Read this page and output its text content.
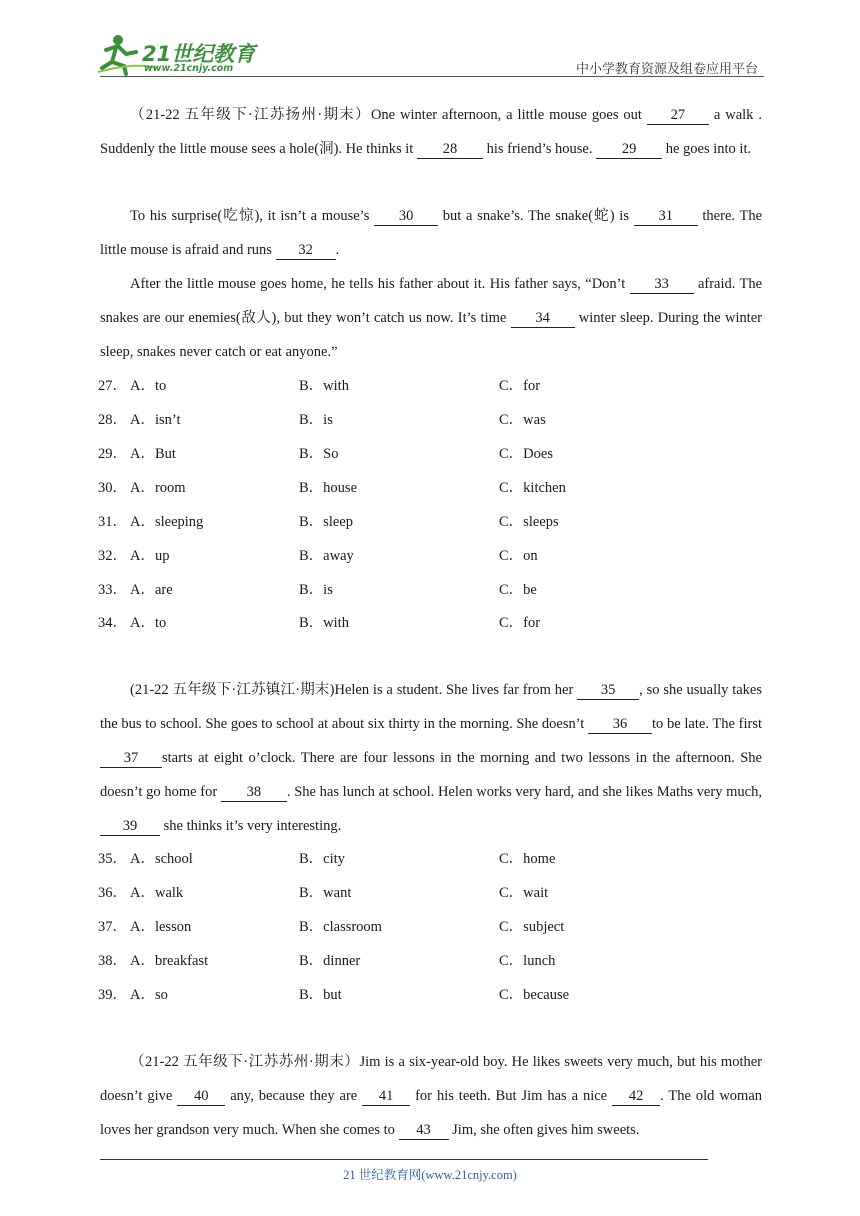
21世纪教育
www.21cnjy.com	中小学教育资源及组卷应用平台
（21-22 五年级下·江苏扬州·期末）One winter afternoon, a little mouse goes out 27 a walk . Suddenly the little mouse sees a hole(洞). He thinks it 28 his friend’s house. 29 he goes into it.
To his surprise(吃惊), it isn’t a mouse’s 30 but a snake’s. The snake(蛇) is 31 there. The little mouse is afraid and runs 32 .
After the little mouse goes home, he tells his father about it. His father says, “Don’t 33 afraid. The snakes are our enemies(敌人), but they won’t catch us now. It’s time 34 winter sleep. During the winter sleep, snakes never catch or eat anyone.”
27． A．to	B．with	C．for
28． A．isn’t	B．is	C．was
29． A．But	B．So	C．Does
30． A．room	B．house	C．kitchen
31． A．sleeping	B．sleep	C．sleeps
32． A．up	B．away	C．on
33． A．are	B．is	C．be
34． A．to	B．with	C．for
(21-22 五年级下·江苏镇江·期末)Helen is a student. She lives far from her 35 , so she usually takes the bus to school. She goes to school at about six thirty in the morning. She doesn’t 36 to be late. The first 37 starts at eight o’clock. There are four lessons in the morning and two lessons in the afternoon. She doesn’t go home for 38 . She has lunch at school. Helen works very hard, and she likes Maths very much, 39 she thinks it’s very interesting.
35． A．school	B．city	C．home
36． A．walk	B．want	C．wait
37． A．lesson	B．classroom	C．subject
38． A．breakfast	B．dinner	C．lunch
39． A．so	B．but	C．because
（21-22 五年级下·江苏苏州·期末）Jim is a six-year-old boy. He likes sweets very much, but his mother doesn’t give 40 any, because they are 41 for his teeth. But Jim has a nice 42 . The old woman loves her grandson very much. When she comes to 43 Jim, she often gives him sweets.
21 世纪教育网(www.21cnjy.com)
